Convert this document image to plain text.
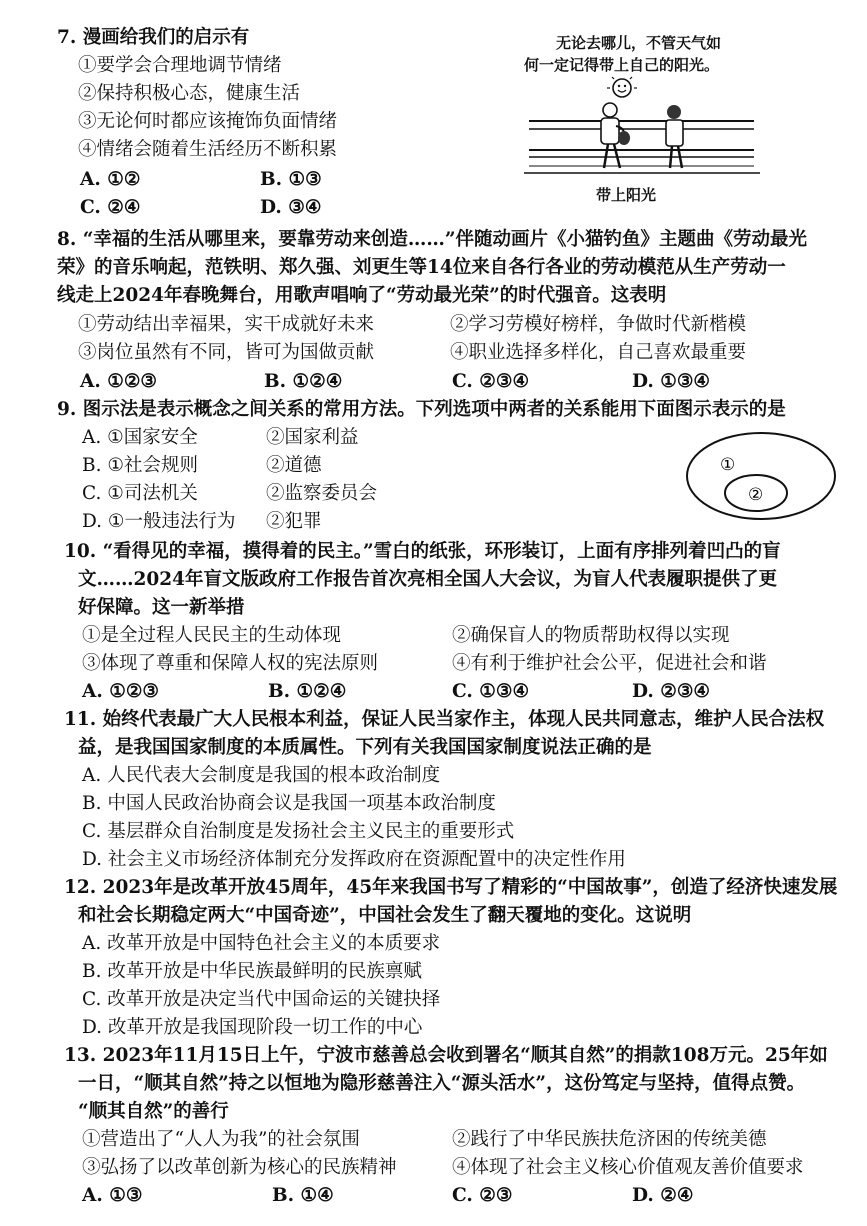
7. 漫画给我们的启示有
①要学会合理地调节情绪
②保持积极心态，健康生活
③无论何时都应该掩饰负面情绪
④情绪会随着生活经历不断积累
A. ①②	B. ①③
C. ②④	D. ③④
无论去哪儿，不管天气如
何一定记得带上自己的阳光。
带上阳光
8. “幸福的生活从哪里来，要靠劳动来创造……”伴随动画片《小猫钓鱼》主题曲《劳动最光
荣》的音乐响起，范铁明、郑久强、刘更生等14位来自各行各业的劳动模范从生产劳动一
线走上2024年春晚舞台，用歌声唱响了“劳动最光荣”的时代强音。这表明
①劳动结出幸福果，实干成就好未来	②学习劳模好榜样，争做时代新楷模
③岗位虽然有不同，皆可为国做贡献	④职业选择多样化，自己喜欢最重要
A. ①②③	B. ①②④	C. ②③④	D. ①③④
9. 图示法是表示概念之间关系的常用方法。下列选项中两者的关系能用下面图示表示的是
A. ①国家安全	②国家利益
B. ①社会规则	②道德
C. ①司法机关	②监察委员会
D. ①一般违法行为 ②犯罪
①
②
10. “看得见的幸福，摸得着的民主。”雪白的纸张，环形装订，上面有序排列着凹凸的盲
文……2024年盲文版政府工作报告首次亮相全国人大会议，为盲人代表履职提供了更
好保障。这一新举措
①是全过程人民民主的生动体现	②确保盲人的物质帮助权得以实现
③体现了尊重和保障人权的宪法原则	④有利于维护社会公平，促进社会和谐
A. ①②③	B. ①②④	C. ①③④	D. ②③④
11. 始终代表最广大人民根本利益，保证人民当家作主，体现人民共同意志，维护人民合法权
益，是我国国家制度的本质属性。下列有关我国国家制度说法正确的是
A. 人民代表大会制度是我国的根本政治制度
B. 中国人民政治协商会议是我国一项基本政治制度
C. 基层群众自治制度是发扬社会主义民主的重要形式
D. 社会主义市场经济体制充分发挥政府在资源配置中的决定性作用
12. 2023年是改革开放45周年，45年来我国书写了精彩的“中国故事”，创造了经济快速发展
和社会长期稳定两大“中国奇迹”，中国社会发生了翻天覆地的变化。这说明
A. 改革开放是中国特色社会主义的本质要求
B. 改革开放是中华民族最鲜明的民族禀赋
C. 改革开放是决定当代中国命运的关键抉择
D. 改革开放是我国现阶段一切工作的中心
13. 2023年11月15日上午，宁波市慈善总会收到署名“顺其自然”的捐款108万元。25年如
一日，“顺其自然”持之以恒地为隐形慈善注入“源头活水”，这份笃定与坚持，值得点赞。
“顺其自然”的善行
①营造出了“人人为我”的社会氛围	②践行了中华民族扶危济困的传统美德
③弘扬了以改革创新为核心的民族精神	④体现了社会主义核心价值观友善价值要求
A. ①③	B. ①④	C. ②③	D. ②④
